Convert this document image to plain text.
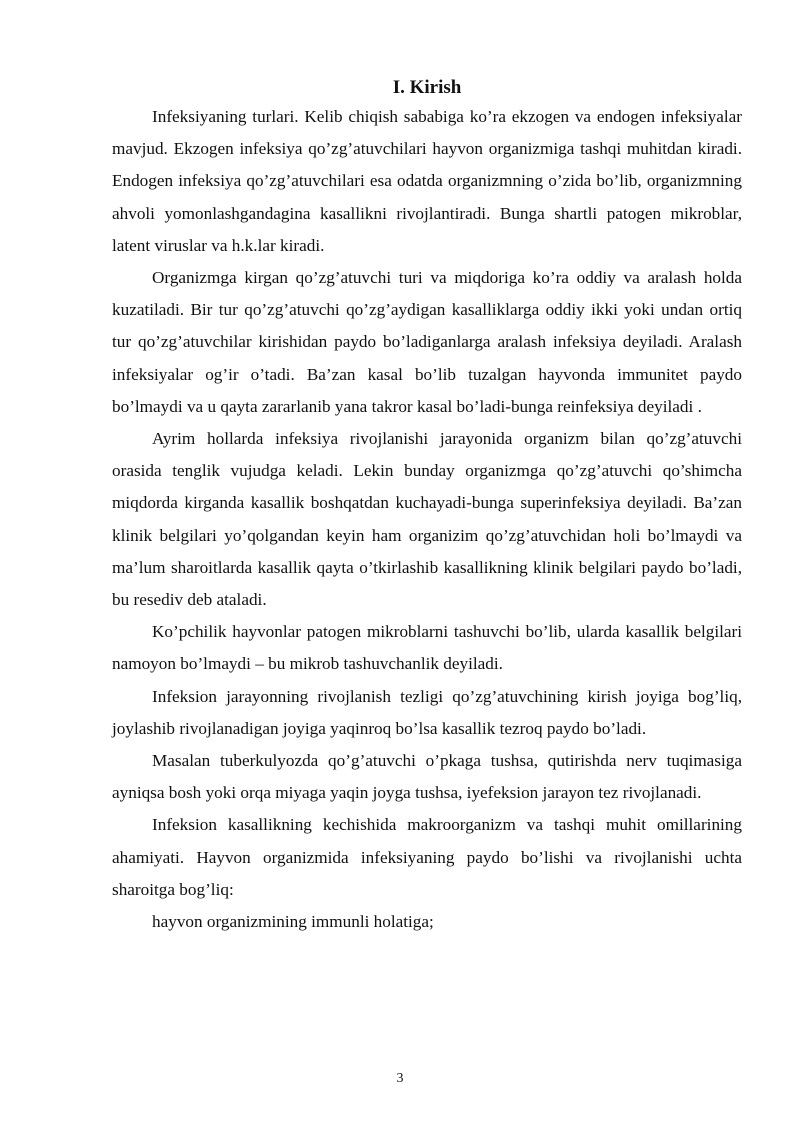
I. Kirish

Infeksiyaning turlari. Kelib chiqish sababiga ko’ra ekzogen va endogen infeksiyalar mavjud. Ekzogen infeksiya qo’zg’atuvchilari hayvon organizmiga tashqi muhitdan kiradi. Endogen infeksiya qo’zg’atuvchilari esa odatda organizmning o’zida bo’lib, organizmning ahvoli yomonlashgandagina kasallikni rivojlantiradi. Bunga shartli patogen mikroblar, latent viruslar va h.k.lar kiradi.

Organizmga kirgan qo’zg’atuvchi turi va miqdoriga ko’ra oddiy va aralash holda kuzatiladi. Bir tur qo’zg’atuvchi qo’zg’aydigan kasalliklarga oddiy ikki yoki undan ortiq tur qo’zg’atuvchilar kirishidan paydo bo’ladiganlarga aralash infeksiya deyiladi. Aralash infeksiyalar og’ir o’tadi. Ba’zan kasal bo’lib tuzalgan hayvonda immunitet paydo bo’lmaydi va u qayta zararlanib yana takror kasal bo’ladi-bunga reinfeksiya deyiladi .

Ayrim hollarda infeksiya rivojlanishi jarayonida organizm bilan qo’zg’atuvchi orasida tenglik vujudga keladi. Lekin bunday organizmga qo’zg’atuvchi qo’shimcha miqdorda kirganda kasallik boshqatdan kuchayadi-bunga superinfeksiya deyiladi. Ba’zan klinik belgilari yo’qolgandan keyin ham organizim qo’zg’atuvchidan holi bo’lmaydi va ma’lum sharoitlarda kasallik qayta o’tkirlashib kasallikning klinik belgilari paydo bo’ladi, bu resediv deb ataladi.

Ko’pchilik hayvonlar patogen mikroblarni tashuvchi bo’lib, ularda kasallik belgilari namoyon bo’lmaydi – bu mikrob tashuvchanlik deyiladi.

Infeksion jarayonning rivojlanish tezligi qo’zg’atuvchining kirish joyiga bog’liq, joylashib rivojlanadigan joyiga yaqinroq bo’lsa kasallik tezroq paydo bo’ladi.

Masalan tuberkulyozda qo’g’atuvchi o’pkaga tushsa, qutirishda nerv tuqimasiga ayniqsa bosh yoki orqa miyaga yaqin joyga tushsa, iyefeksion jarayon tez rivojlanadi.

Infeksion kasallikning kechishida makroorganizm va tashqi muhit omillarining ahamiyati. Hayvon organizmida infeksiyaning paydo bo’lishi va rivojlanishi uchta sharoitga bog’liq:

hayvon organizmining immunli holatiga;

3
